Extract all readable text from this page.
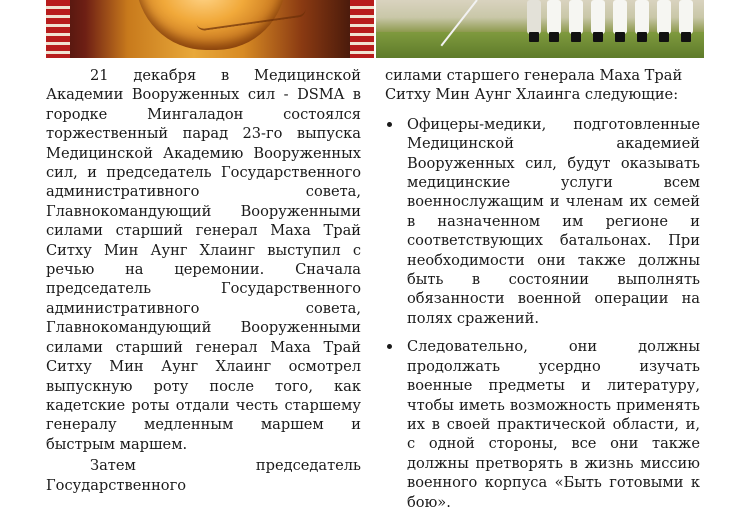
21 декабря в Медицинской Академии Вооруженных сил - DSMA в городке Мингаладон состоялся торжественный парад 23-го выпуска Медицинской Академию Вооруженных сил, и председатель Государственного административного совета, Главнокомандующий Вооруженными силами старший генерал Маха Трай Ситху Мин Аунг Хлаинг выступил с речью на церемонии. Сначала председатель Государственного административного совета, Главнокомандующий Вооруженными силами старший генерал Маха Трай Ситху Мин Аунг Хлаинг осмотрел выпускную роту после того, как кадетские роты отдали честь старшему генералу медленным маршем и быстрым маршем.

Затем председатель Государственного

силами старшего генерала Маха Трай Ситху Мин Аунг Хлаинга следующие:

Офицеры-медики, подготовленные Медицинской академией Вооруженных сил, будут оказывать медицинские услуги всем военнослужащим и членам их семей в назначенном им регионе и соответствующих батальонах. При необходимости они также должны быть в состоянии выполнять обязанности военной операции на полях сражений.
Следовательно, они должны продолжать усердно изучать военные предметы и литературу, чтобы иметь возможность применять их в своей практической области, и, с одной стороны, все они также должны претворять в жизнь миссию военного корпуса «Быть готовыми к бою».
